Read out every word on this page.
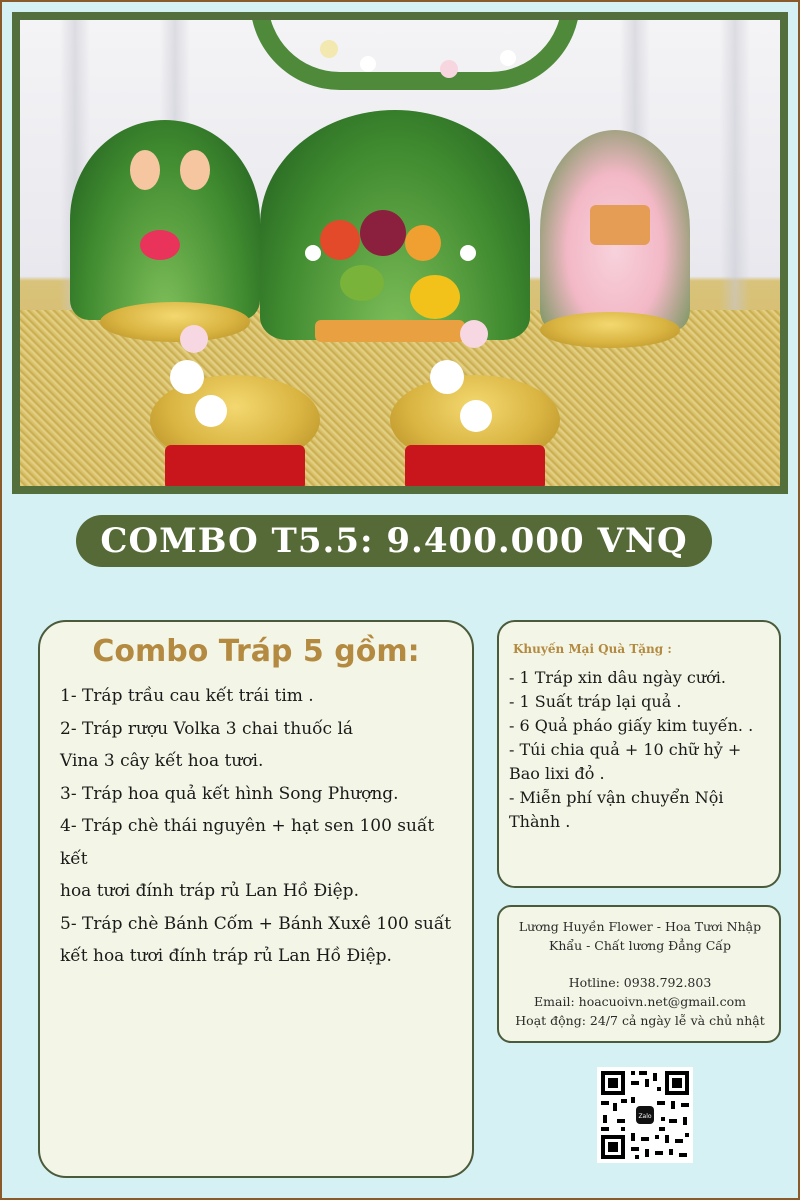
COMBO T5.5: 9.400.000 VNQ
Combo Tráp 5 gồm:
1- Tráp trầu cau kết trái tim .
2- Tráp rượu Volka 3 chai thuốc lá
Vina 3 cây kết hoa tươi.
3- Tráp hoa quả kết hình Song Phượng.
4- Tráp chè thái nguyên + hạt sen 100 suất kết
hoa tươi đính tráp rủ Lan Hồ Điệp.
5- Tráp chè Bánh Cốm + Bánh Xuxê 100 suất
kết hoa tươi đính tráp rủ Lan Hồ Điệp.
Khuyến Mại Quà Tặng :
- 1 Tráp xin dâu ngày cưới.
- 1 Suất tráp lại quả .
- 6 Quả pháo giấy kim tuyến. .
- Túi chia quả + 10 chữ hỷ + Bao lixi đỏ .
- Miễn phí vận chuyển Nội Thành .
Lương Huyền Flower - Hoa Tươi Nhập Khẩu - Chất lương Đẳng Cấp
Hotline: 0938.792.803
Email: hoacuoivn.net@gmail.com
Hoạt động: 24/7 cả ngày lễ và chủ nhật
Zalo
